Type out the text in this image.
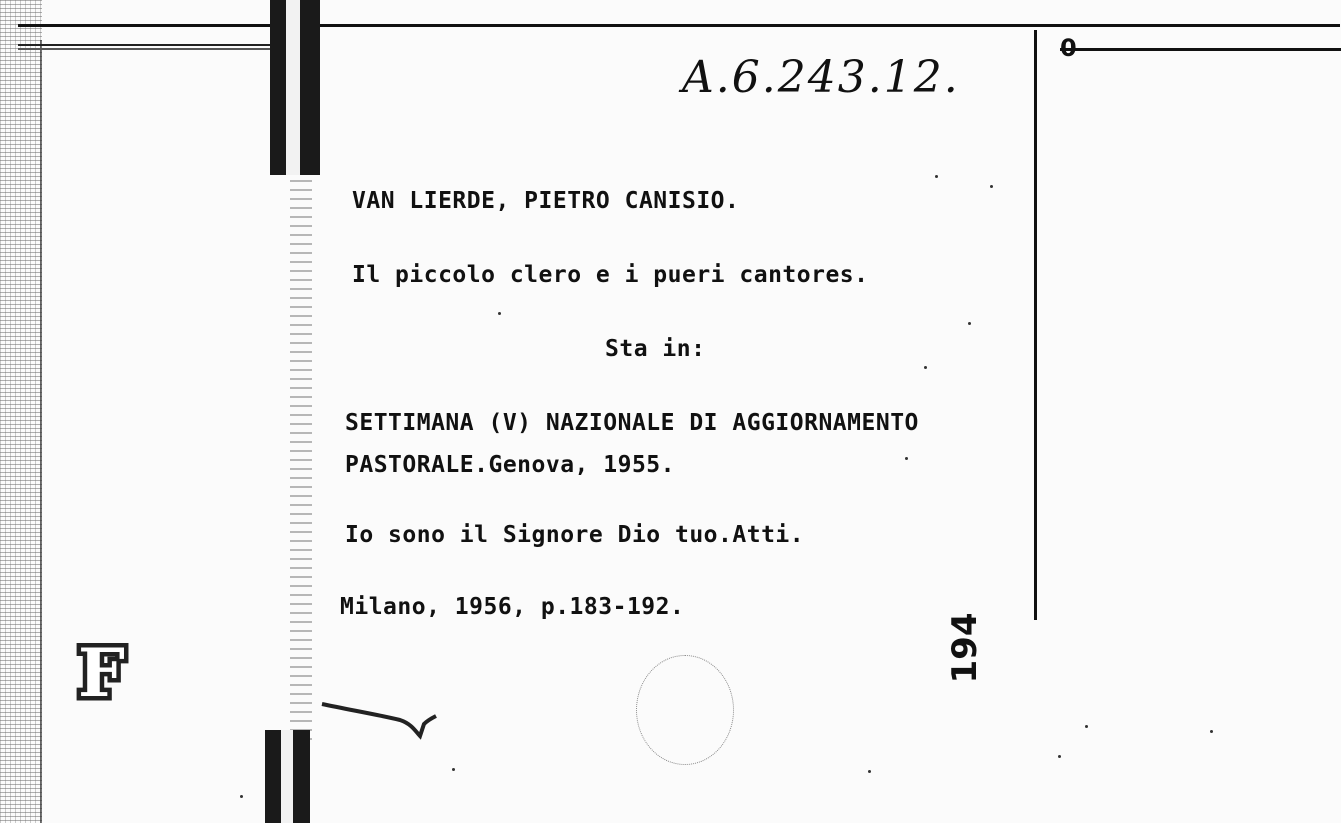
0
A.6.243.12.
VAN LIERDE, PIETRO CANISIO.
Il piccolo clero e i pueri cantores.
Sta in:
SETTIMANA (V) NAZIONALE DI AGGIORNAMENTO
PASTORALE.Genova, 1955.
Io sono il Signore Dio tuo.Atti.
Milano, 1956, p.183-192.
194
F
